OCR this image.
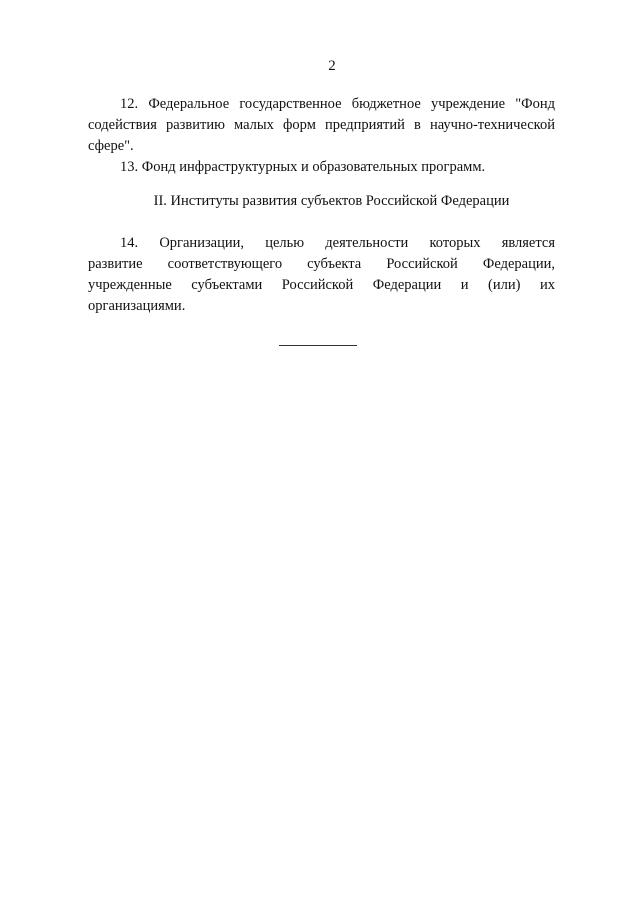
2

12. Федеральное государственное бюджетное учреждение "Фонд содействия развитию малых форм предприятий в научно-технической сфере".

13. Фонд инфраструктурных и образовательных программ.

II. Институты развития субъектов Российской Федерации

14. Организации, целью деятельности которых является развитие соответствующего субъекта Российской Федерации, учрежденные субъектами Российской Федерации и (или) их организациями.
